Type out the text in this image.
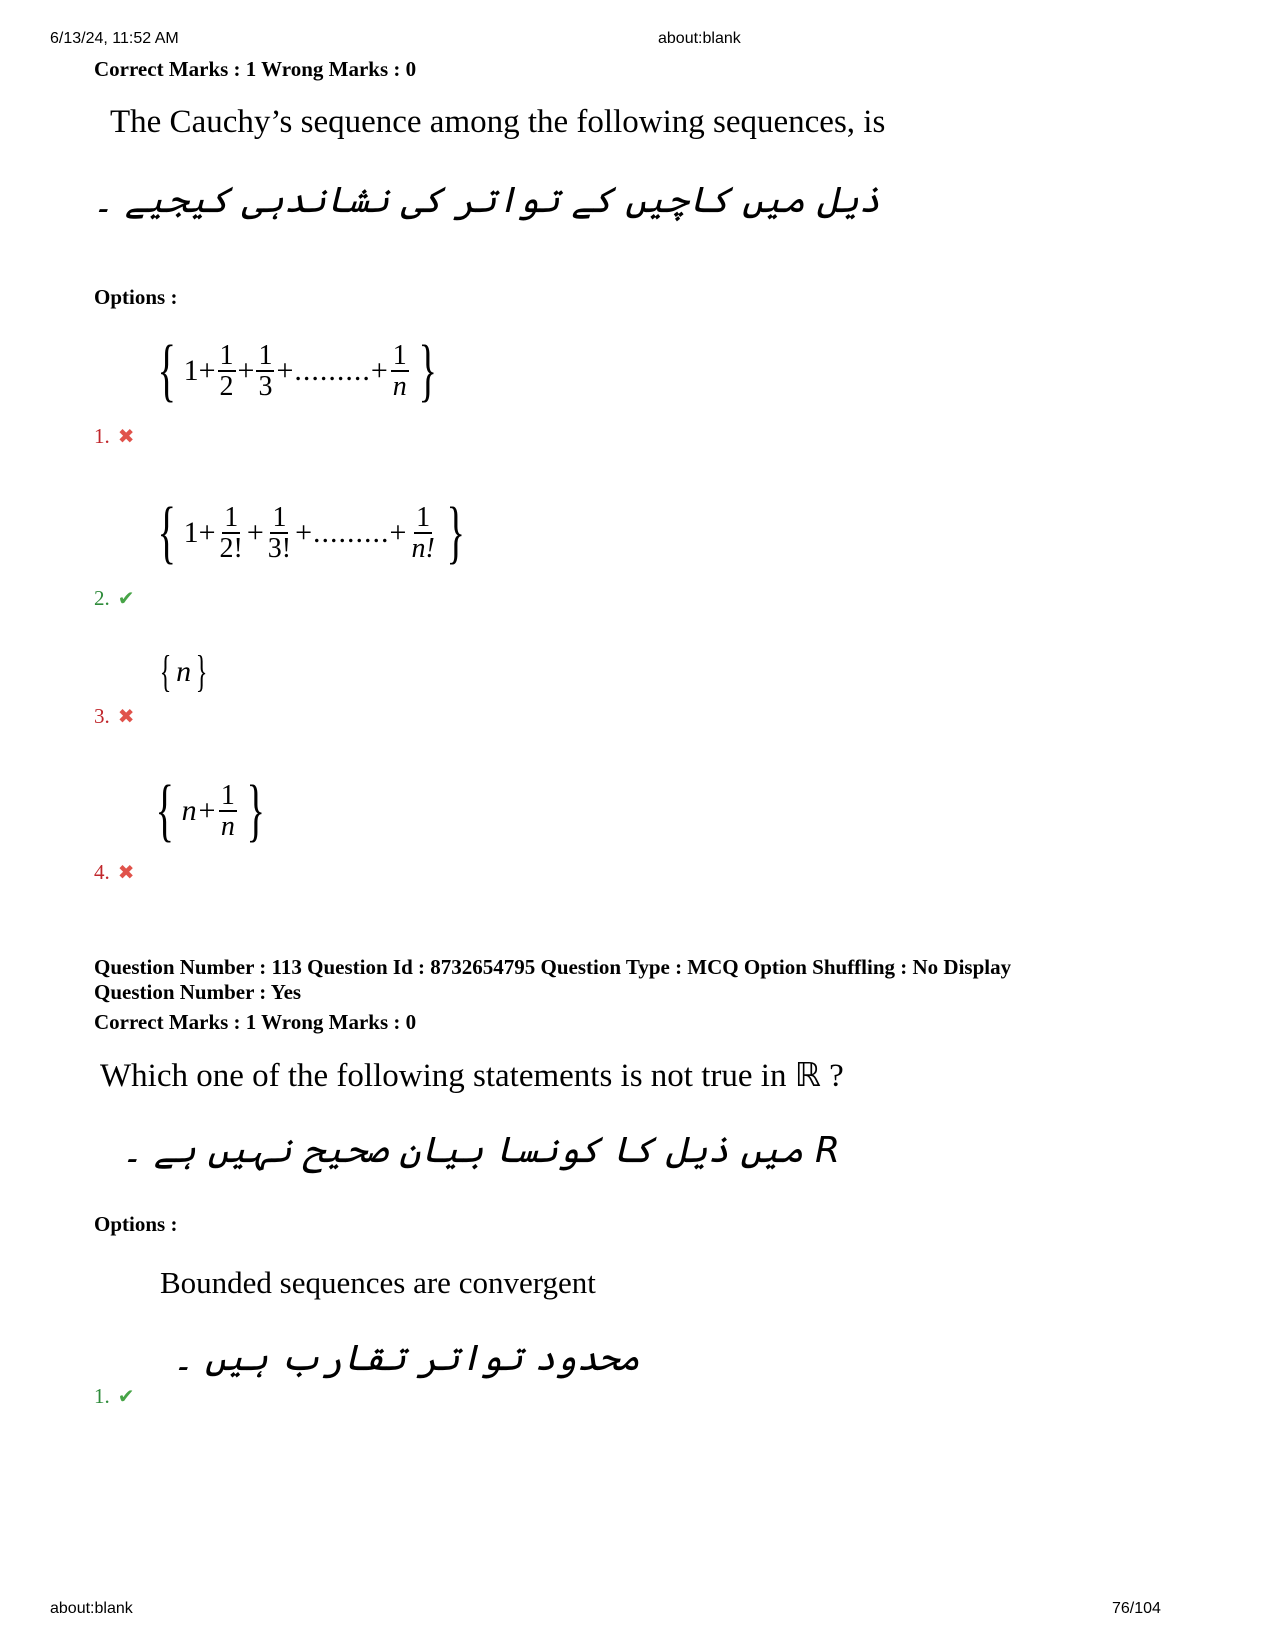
6/13/24, 11:52 AM	about:blank
Correct Marks : 1 Wrong Marks : 0
The Cauchy’s sequence among the following sequences, is
ذیل میں کاچیں کے تواتر کی نشاندہی کیجیے ۔
Options :
{ $1+ \frac{1}{2} + \frac{1}{3}$ +.........+ $\frac{1}{n}$ }
1. ✖
{ $1+ \frac{1}{2!} + \frac{1}{3!}$ +.........+ $\frac{1}{n!}$ }
2. ✔
{ n }
3. ✖
{ $n+ \frac{1}{n}$ }
4. ✖
Question Number : 113 Question Id : 8732654795 Question Type : MCQ Option Shuffling : No Display
Question Number : Yes
Correct Marks : 1 Wrong Marks : 0
Which one of the following statements is not true in ℝ ?
R میں ذیل کا کونسا بیان صحیح نہیں ہے ۔
Options :
Bounded sequences are convergent
محدود تواتر تقارب ہیں ۔
1. ✔
about:blank	76/104
